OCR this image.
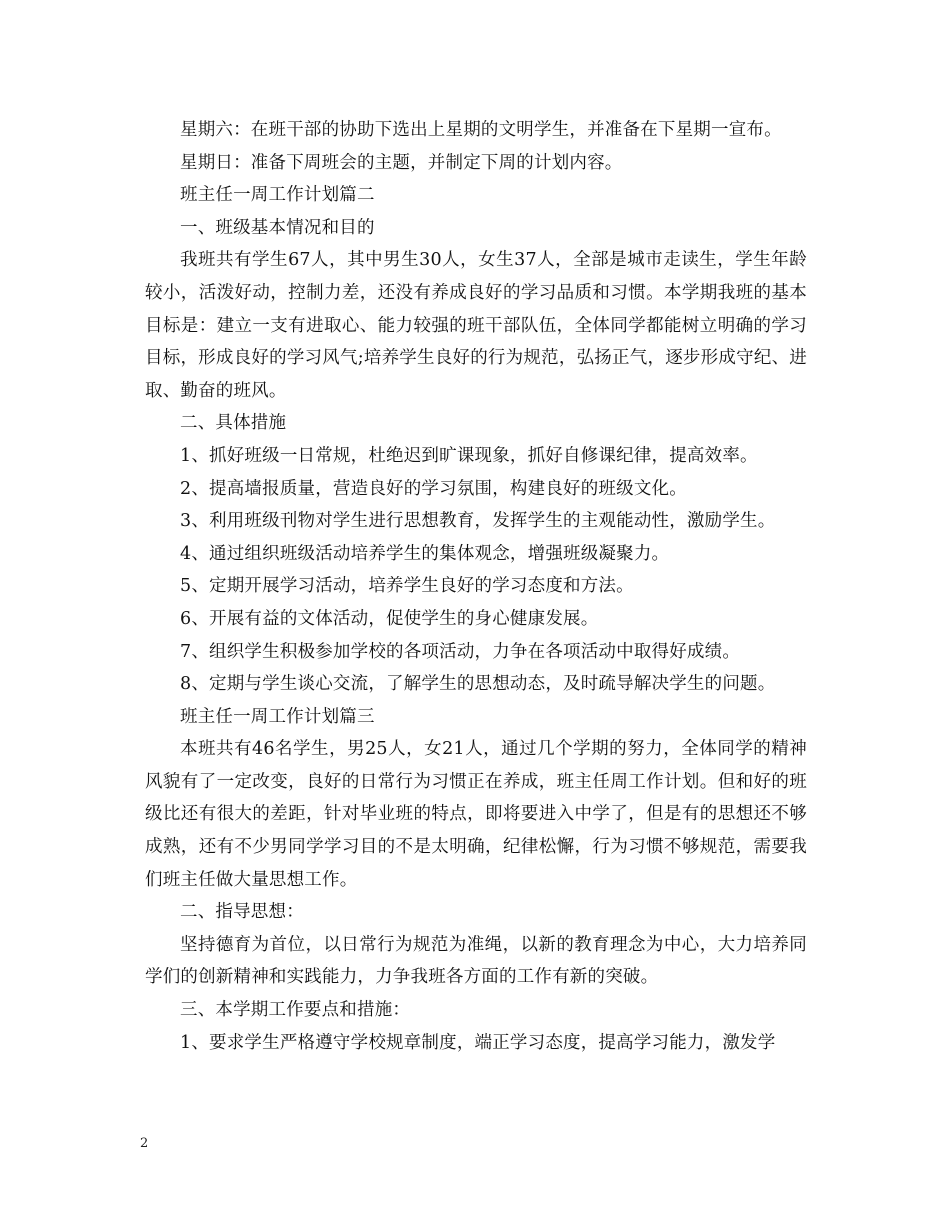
星期六：在班干部的协助下选出上星期的文明学生，并准备在下星期一宣布。

星期日：准备下周班会的主题，并制定下周的计划内容。

班主任一周工作计划篇二

一、班级基本情况和目的

我班共有学生67人，其中男生30人，女生37人，全部是城市走读生，学生年龄较小，活泼好动，控制力差，还没有养成良好的学习品质和习惯。本学期我班的基本目标是：建立一支有进取心、能力较强的班干部队伍，全体同学都能树立明确的学习目标，形成良好的学习风气;培养学生良好的行为规范，弘扬正气，逐步形成守纪、进取、勤奋的班风。

二、具体措施

1、抓好班级一日常规，杜绝迟到旷课现象，抓好自修课纪律，提高效率。

2、提高墙报质量，营造良好的学习氛围，构建良好的班级文化。

3、利用班级刊物对学生进行思想教育，发挥学生的主观能动性，激励学生。

4、通过组织班级活动培养学生的集体观念，增强班级凝聚力。

5、定期开展学习活动，培养学生良好的学习态度和方法。

6、开展有益的文体活动，促使学生的身心健康发展。

7、组织学生积极参加学校的各项活动，力争在各项活动中取得好成绩。

8、定期与学生谈心交流，了解学生的思想动态，及时疏导解决学生的问题。

班主任一周工作计划篇三

本班共有46名学生，男25人，女21人，通过几个学期的努力，全体同学的精神风貌有了一定改变，良好的日常行为习惯正在养成，班主任周工作计划。但和好的班级比还有很大的差距，针对毕业班的特点，即将要进入中学了，但是有的思想还不够成熟，还有不少男同学学习目的不是太明确，纪律松懈，行为习惯不够规范，需要我们班主任做大量思想工作。

二、指导思想：

坚持德育为首位，以日常行为规范为准绳，以新的教育理念为中心，大力培养同学们的创新精神和实践能力，力争我班各方面的工作有新的突破。

三、本学期工作要点和措施：

1、要求学生严格遵守学校规章制度，端正学习态度，提高学习能力，激发学

2
